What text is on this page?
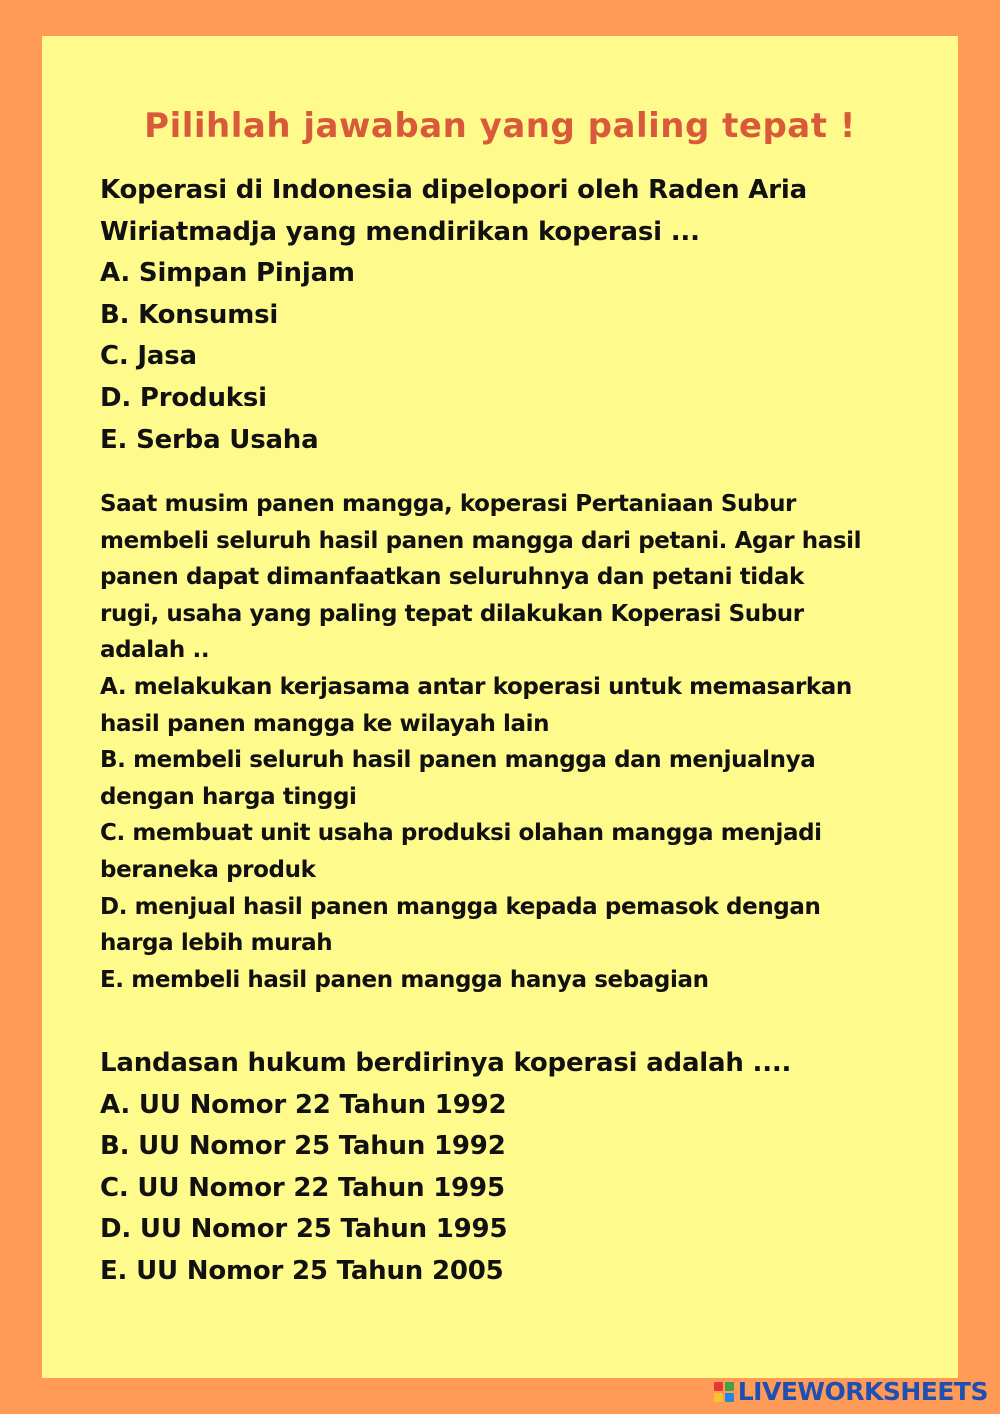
Pilihlah jawaban yang paling tepat !

Koperasi di Indonesia dipelopori oleh Raden Aria

Wiriatmadja yang mendirikan koperasi ...

A. Simpan Pinjam

B. Konsumsi

C. Jasa

D. Produksi

E. Serba Usaha

Saat musim panen mangga, koperasi Pertaniaan Subur

membeli seluruh hasil panen mangga dari petani. Agar hasil

panen dapat dimanfaatkan seluruhnya dan petani tidak

rugi, usaha yang paling tepat dilakukan Koperasi Subur

adalah ..

A. melakukan kerjasama antar koperasi untuk memasarkan

hasil panen mangga ke wilayah lain

B. membeli seluruh hasil panen mangga dan menjualnya

dengan harga tinggi

C. membuat unit usaha produksi olahan mangga menjadi

beraneka produk

D. menjual hasil panen mangga kepada pemasok dengan

harga lebih murah

E. membeli hasil panen mangga hanya sebagian

Landasan hukum berdirinya koperasi adalah ....

A. UU Nomor 22 Tahun 1992

B. UU Nomor 25 Tahun 1992

C. UU Nomor 22 Tahun 1995

D. UU Nomor 25 Tahun 1995

E. UU Nomor 25 Tahun 2005

LIVEWORKSHEETS
